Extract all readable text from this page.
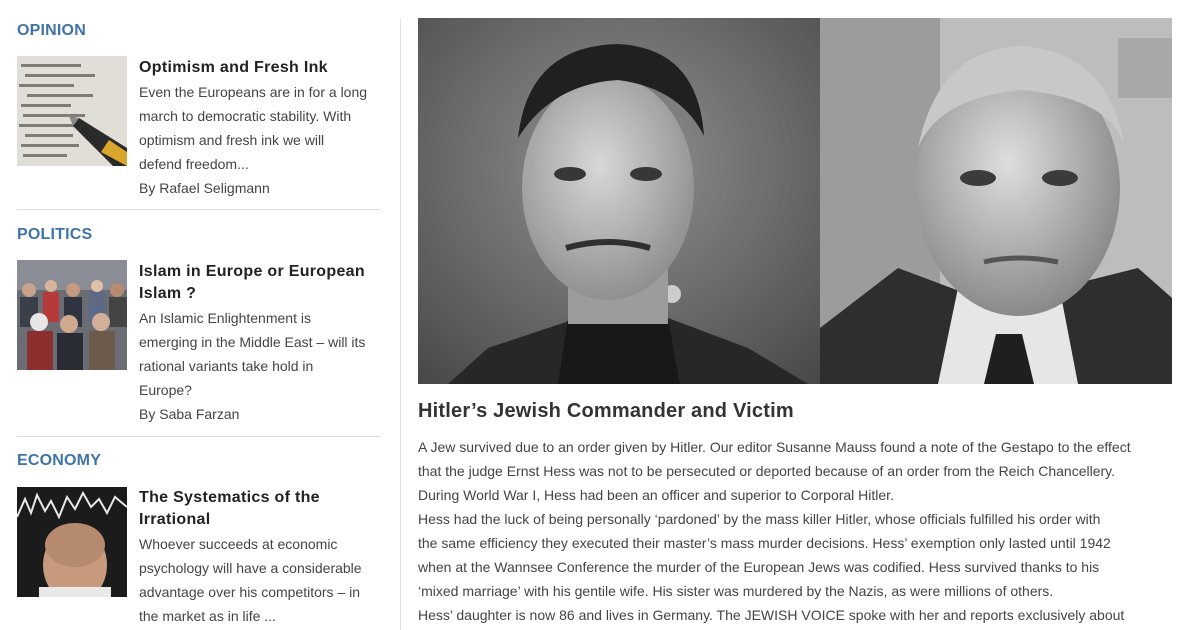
OPINION
Optimism and Fresh Ink
Even the Europeans are in for a long
march to democratic stability. With
optimism and fresh ink we will
defend freedom...
By Rafael Seligmann
POLITICS
Islam in Europe or European
Islam ?
An Islamic Enlightenment is
emerging in the Middle East – will its
rational variants take hold in
Europe?
By Saba Farzan
ECONOMY
The Systematics of the
Irrational
Whoever succeeds at economic
psychology will have a considerable
advantage over his competitors – in
the market as in life ...
Hitler’s Jewish Commander and Victim

A Jew survived due to an order given by Hitler. Our editor Susanne Mauss found a note of the Gestapo to the effect

that the judge Ernst Hess was not to be persecuted or deported because of an order from the Reich Chancellery.

During World War I, Hess had been an officer and superior to Corporal Hitler.

Hess had the luck of being personally ‘pardoned’ by the mass killer Hitler, whose officials fulfilled his order with

the same efficiency they executed their master’s mass murder decisions. Hess’ exemption only lasted until 1942

when at the Wannsee Conference the murder of the European Jews was codified. Hess survived thanks to his

‘mixed marriage’ with his gentile wife. His sister was murdered by the Nazis, as were millions of others.

Hess’ daughter is now 86 and lives in Germany. The JEWISH VOICE spoke with her and reports exclusively about
